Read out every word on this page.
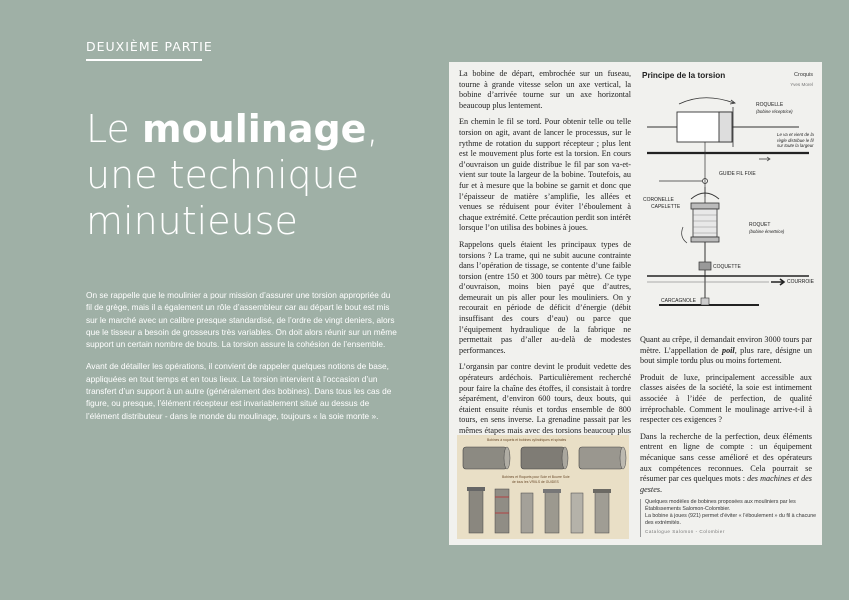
DEUXIÈME PARTIE
Le moulinage,
une technique
minutieuse

On se rappelle que le moulinier a pour mission d’assurer une torsion appropriée du fil de grège, mais il a également un rôle d’assembleur car au départ le bout est mis sur le marché avec un calibre presque standardisé, de l’ordre de vingt deniers, alors que le tisseur a besoin de grosseurs très variables. On doit alors réunir sur un même support un certain nombre de bouts. La torsion assure la cohésion de l’ensemble.

Avant de détailler les opérations, il convient de rappeler quelques notions de base, appliquées en tout temps et en tous lieux. La torsion intervient à l’occasion d’un transfert d’un support à un autre (généralement des bobines). Dans tous les cas de figure, ou presque, l’élément récepteur est invariablement situé au dessus de l’élément distributeur - dans le monde du moulinage, toujours « la soie monte ».

La bobine de départ, embrochée sur un fuseau, tourne à grande vitesse selon un axe vertical, la bobine d’arrivée tourne sur un axe horizontal beaucoup plus lentement.

En chemin le fil se tord. Pour obtenir telle ou telle torsion on agit, avant de lancer le processus, sur le rythme de rotation du support récepteur ; plus lent est le mouvement plus forte est la torsion. En cours d’ouvraison un guide distribue le fil par son va-et-vient sur toute la largeur de la bobine. Toutefois, au fur et à mesure que la bobine se garnit et donc que l’épaisseur de matière s’amplifie, les allées et venues se réduisent pour éviter l’éboulement à chaque extrémité. Cette précaution perdit son intérêt lorsque l’on utilisa des bobines à joues.

Rappelons quels étaient les principaux types de torsions ? La trame, qui ne subit aucune contrainte dans l’opération de tissage, se contente d’une faible torsion (entre 150 et 300 tours par mètre). Ce type d’ouvraison, moins bien payé que d’autres, demeurait un pis aller pour les mouliniers. On y recourait en période de déficit d’énergie (débit insuffisant des cours d’eau) ou parce que l’équipement hydraulique de la fabrique ne permettait pas d’aller au-delà de modestes performances.

L’organsin par contre devint le produit vedette des opérateurs ardéchois. Particulièrement recherché pour faire la chaîne des étoffes, il consistait à tordre séparément, d’environ 600 tours, deux bouts, qui étaient ensuite réunis et tordus ensemble de 800 tours, en sens inverse. La grenadine passait par les mêmes étapes mais avec des torsions beaucoup plus

Principe de la torsion	Croquis
Yves Morel
ROQUELLE
(bobine réceptrice)
Le va et vient de la règle distribue le fil sur toute la largeur
GUIDE FIL FIXE
CORONELLE
CAPELETTE
ROQUET
(bobine émettrice)
COQUETTE
COURROIE
CARCAGNOLE

Quant au crêpe, il demandait environ 3000 tours par mètre. L’appellation de poil, plus rare, désigne un bout simple tordu plus ou moins fortement.

Produit de luxe, principalement accessible aux classes aisées de la société, la soie est intimement associée à l’idée de perfection, de qualité irréprochable. Comment le moulinage arrive-t-il à respecter ces exigences ?

Dans la recherche de la perfection, deux éléments entrent en ligne de compte : un équipement mécanique sans cesse amélioré et des opérateurs aux compétences reconnues. Cela pourrait se résumer par ces quelques mots : des machines et des gestes.

Bobines à roquets et bobines cylindriques et spirales
Bobines et Roquets pour Soie et Bourre Soie
de tous les VRIILS de GUIDES

Quelques modèles de bobines proposées aux mouliniers par les Établissements Salomon-Colombier.

La bobine à joues (921) permet d’éviter « l’éboulement » du fil à chacune des extrémités.

Catalogue Salomon - Colombier
